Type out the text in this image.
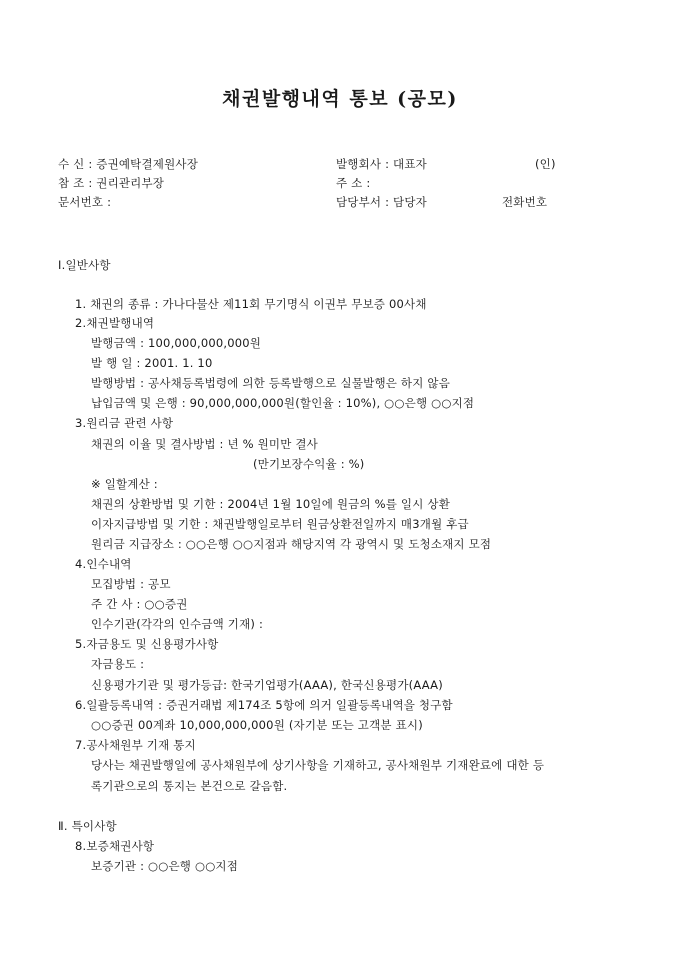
채권발행내역 통보 (공모)
수 신 : 증권예탁결제원사장
참 조 : 권리관리부장
문서번호 :
발행회사 : 대표자	(인)
주 소 :
담당부서 : 담당자	전화번호
Ⅰ.일반사항
1. 채권의 종류 : 가나다물산 제11회 무기명식 이권부 무보증 00사채
2.채권발행내역
발행금액 : 100,000,000,000원
발 행 일 : 2001. 1. 10
발행방법 : 공사채등록법령에 의한 등록발행으로 실물발행은 하지 않음
납입금액 및 은행 : 90,000,000,000원(할인율 : 10%), ○○은행 ○○지점
3.원리금 관련 사항
채권의 이율 및 결사방법 : 년 % 원미만 결사
(만기보장수익율 : %)
※ 일할계산 :
채권의 상환방법 및 기한 : 2004년 1월 10일에 원금의 %를 일시 상환
이자지급방법 및 기한 : 채권발행일로부터 원금상환전일까지 매3개월 후급
원리금 지급장소 : ○○은행 ○○지점과 해당지역 각 광역시 및 도청소재지 모점
4.인수내역
모집방법 : 공모
주 간 사 : ○○증권
인수기관(각각의 인수금액 기재) :
5.자금용도 및 신용평가사항
자금용도 :
신용평가기관 및 평가등급: 한국기업평가(AAA), 한국신용평가(AAA)
6.일괄등록내역 : 증권거래법 제174조 5항에 의거 일괄등록내역을 청구함
○○증권 00계좌 10,000,000,000원 (자기분 또는 고객분 표시)
7.공사채원부 기재 통지
당사는 채권발행일에 공사채원부에 상기사항을 기재하고, 공사채원부 기재완료에 대한 등
록기관으로의 통지는 본건으로 갈음함.
Ⅱ. 특이사항
8.보증채권사항
보증기관 : ○○은행 ○○지점
